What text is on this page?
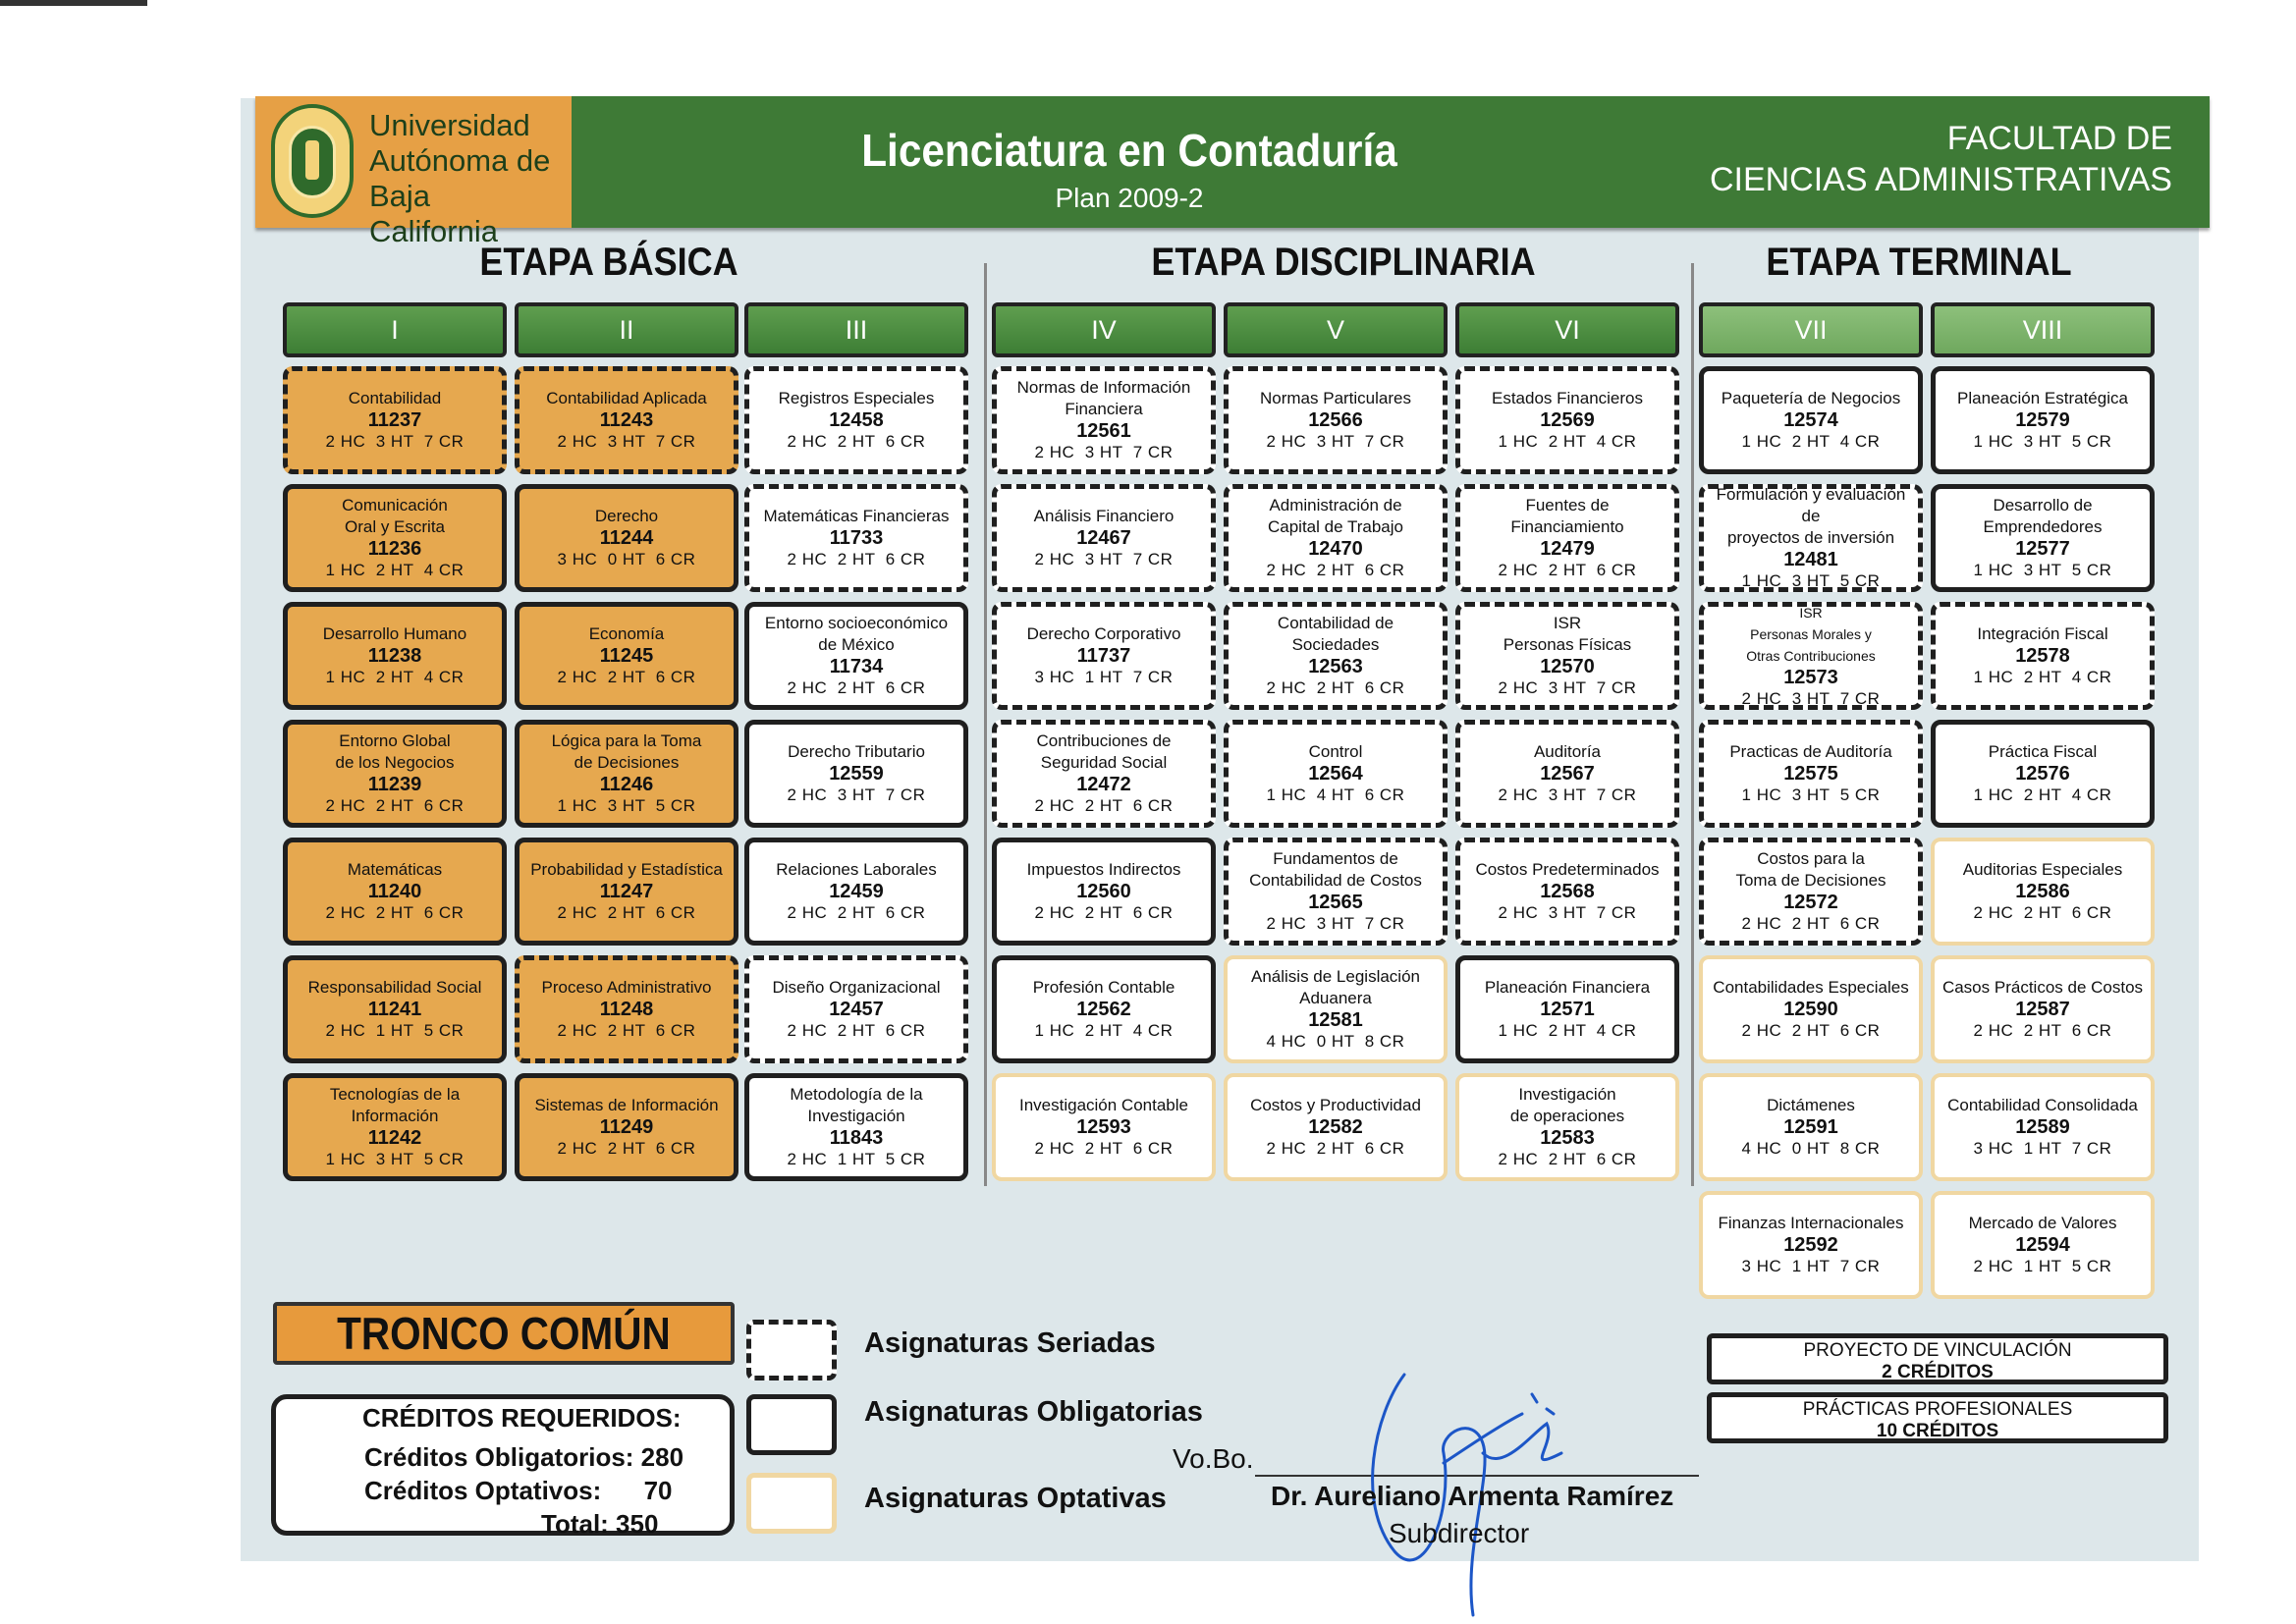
Universidad
Autónoma de
Baja California
Licenciatura en Contaduría
Plan 2009-2
FACULTAD DE
CIENCIAS ADMINISTRATIVAS
ETAPA BÁSICA	ETAPA DISCIPLINARIA	ETAPA TERMINAL
I	II	III	IV	V	VI	VII	VIII
Contabilidad
11237
2 HC  3 HT  7 CR
Comunicación
Oral y Escrita
11236
1 HC  2 HT  4 CR
Desarrollo Humano
11238
1 HC  2 HT  4 CR
Entorno Global
de los Negocios
11239
2 HC  2 HT  6 CR
Matemáticas
11240
2 HC  2 HT  6 CR
Responsabilidad Social
11241
2 HC  1 HT  5 CR
Tecnologías de la
Información
11242
1 HC  3 HT  5 CR
Contabilidad Aplicada
11243
2 HC  3 HT  7 CR
Derecho
11244
3 HC  0 HT  6 CR
Economía
11245
2 HC  2 HT  6 CR
Lógica para la Toma
de Decisiones
11246
1 HC  3 HT  5 CR
Probabilidad y Estadística
11247
2 HC  2 HT  6 CR
Proceso Administrativo
11248
2 HC  2 HT  6 CR
Sistemas de Información
11249
2 HC  2 HT  6 CR
Registros Especiales
12458
2 HC  2 HT  6 CR
Matemáticas Financieras
11733
2 HC  2 HT  6 CR
Entorno socioeconómico
de México
11734
2 HC  2 HT  6 CR
Derecho Tributario
12559
2 HC  3 HT  7 CR
Relaciones Laborales
12459
2 HC  2 HT  6 CR
Diseño Organizacional
12457
2 HC  2 HT  6 CR
Metodología de la
Investigación
11843
2 HC  1 HT  5 CR
Normas de Información
Financiera
12561
2 HC  3 HT  7 CR
Análisis Financiero
12467
2 HC  3 HT  7 CR
Derecho Corporativo
11737
3 HC  1 HT  7 CR
Contribuciones de
Seguridad Social
12472
2 HC  2 HT  6 CR
Impuestos Indirectos
12560
2 HC  2 HT  6 CR
Profesión Contable
12562
1 HC  2 HT  4 CR
Investigación Contable
12593
2 HC  2 HT  6 CR
Normas Particulares
12566
2 HC  3 HT  7 CR
Administración de
Capital de Trabajo
12470
2 HC  2 HT  6 CR
Contabilidad de
Sociedades
12563
2 HC  2 HT  6 CR
Control
12564
1 HC  4 HT  6 CR
Fundamentos de
Contabilidad de Costos
12565
2 HC  3 HT  7 CR
Análisis de Legislación
Aduanera
12581
4 HC  0 HT  8 CR
Costos y Productividad
12582
2 HC  2 HT  6 CR
Estados Financieros
12569
1 HC  2 HT  4 CR
Fuentes de
Financiamiento
12479
2 HC  2 HT  6 CR
ISR
Personas Físicas
12570
2 HC  3 HT  7 CR
Auditoría
12567
2 HC  3 HT  7 CR
Costos Predeterminados
12568
2 HC  3 HT  7 CR
Planeación Financiera
12571
1 HC  2 HT  4 CR
Investigación
de operaciones
12583
2 HC  2 HT  6 CR
Paquetería de Negocios
12574
1 HC  2 HT  4 CR
Formulación y evaluación de
proyectos de inversión
12481
1 HC  3 HT  5 CR
ISR
Personas Morales y
Otras Contribuciones
12573
2 HC  3 HT  7 CR
Practicas de Auditoría
12575
1 HC  3 HT  5 CR
Costos para la
Toma de Decisiones
12572
2 HC  2 HT  6 CR
Contabilidades Especiales
12590
2 HC  2 HT  6 CR
Dictámenes
12591
4 HC  0 HT  8 CR
Finanzas Internacionales
12592
3 HC  1 HT  7 CR
Planeación Estratégica
12579
1 HC  3 HT  5 CR
Desarrollo de
Emprendedores
12577
1 HC  3 HT  5 CR
Integración Fiscal
12578
1 HC  2 HT  4 CR
Práctica Fiscal
12576
1 HC  2 HT  4 CR
Auditorias Especiales
12586
2 HC  2 HT  6 CR
Casos Prácticos de Costos
12587
2 HC  2 HT  6 CR
Contabilidad Consolidada
12589
3 HC  1 HT  7 CR
Mercado de Valores
12594
2 HC  1 HT  5 CR
TRONCO COMÚN
CRÉDITOS REQUERIDOS:
Créditos Obligatorios: 280
Créditos Optativos:      70
Total: 350
Asignaturas Seriadas
Asignaturas Obligatorias
Asignaturas Optativas
PROYECTO DE VINCULACIÓN
2 CRÉDITOS
PRÁCTICAS PROFESIONALES
10 CRÉDITOS
Vo.Bo.
Dr. Aureliano Armenta Ramírez
Subdirector
